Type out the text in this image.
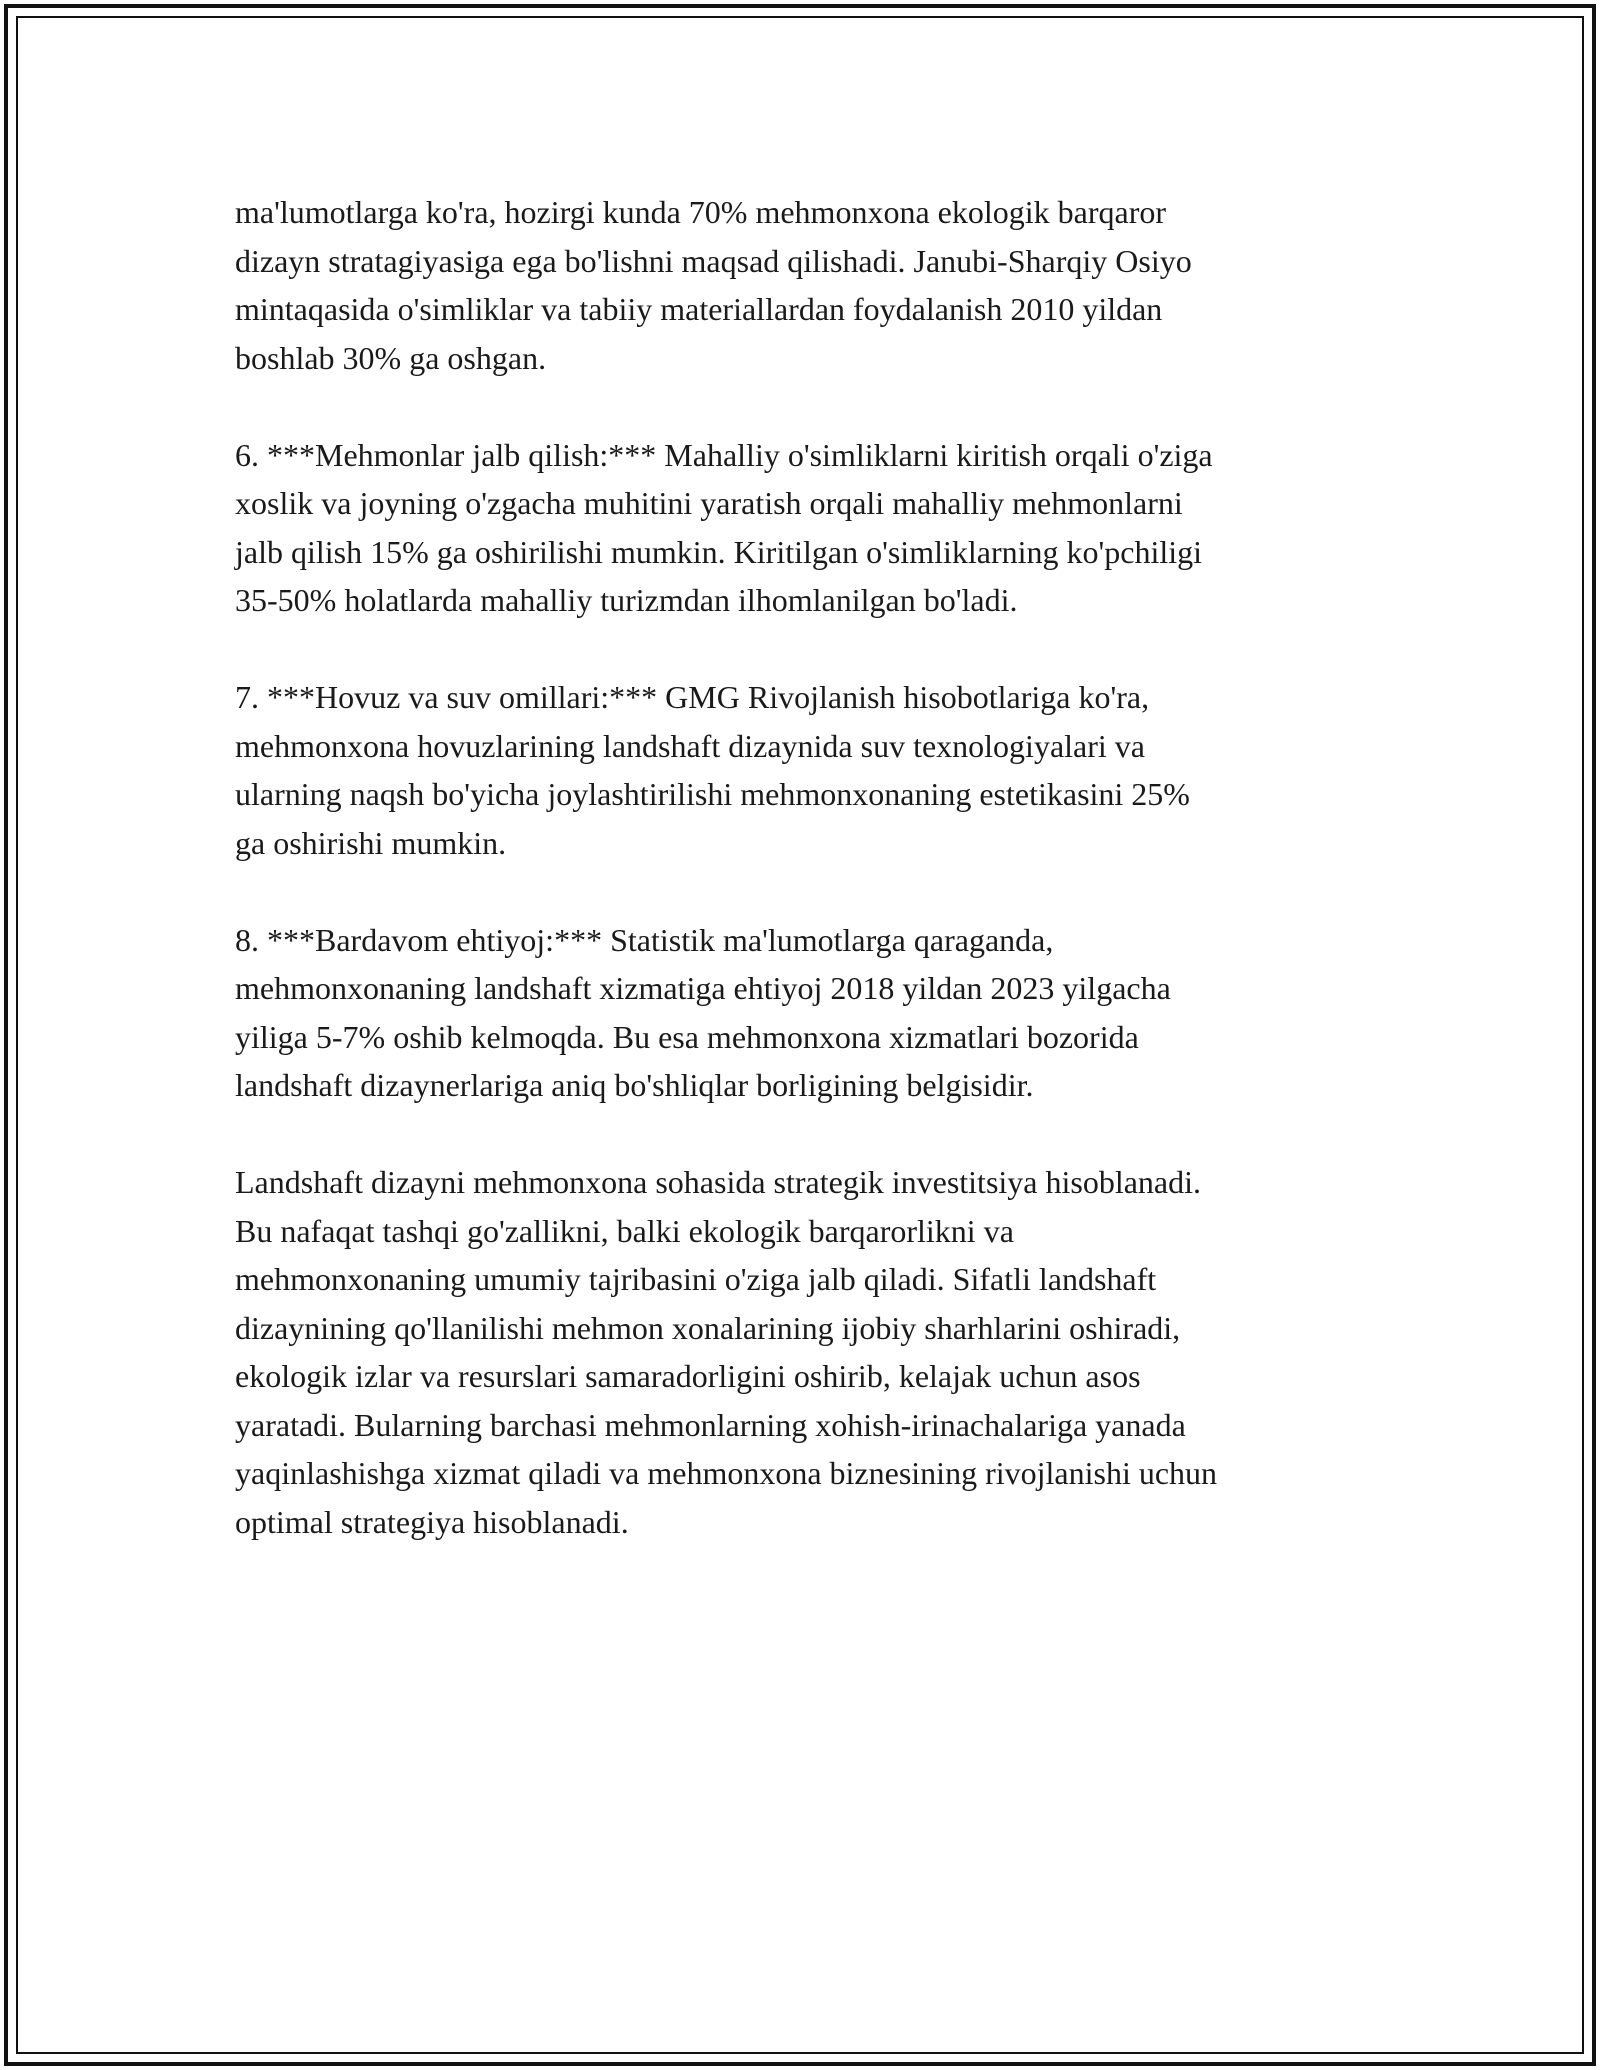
ma'lumotlarga ko'ra, hozirgi kunda 70% mehmonxona ekologik barqaror
dizayn stratagiyasiga ega bo'lishni maqsad qilishadi. Janubi-Sharqiy Osiyo
mintaqasida o'simliklar va tabiiy materiallardan foydalanish 2010 yildan
boshlab 30% ga oshgan.

6. ***Mehmonlar jalb qilish:*** Mahalliy o'simliklarni kiritish orqali o'ziga
xoslik va joyning o'zgacha muhitini yaratish orqali mahalliy mehmonlarni
jalb qilish 15% ga oshirilishi mumkin. Kiritilgan o'simliklarning ko'pchiligi
35-50% holatlarda mahalliy turizmdan ilhomlanilgan bo'ladi.

7. ***Hovuz va suv omillari:*** GMG Rivojlanish hisobotlariga ko'ra,
mehmonxona hovuzlarining landshaft dizaynida suv texnologiyalari va
ularning naqsh bo'yicha joylashtirilishi mehmonxonaning estetikasini 25%
ga oshirishi mumkin.

8. ***Bardavom ehtiyoj:*** Statistik ma'lumotlarga qaraganda,
mehmonxonaning landshaft xizmatiga ehtiyoj 2018 yildan 2023 yilgacha
yiliga 5-7% oshib kelmoqda. Bu esa mehmonxona xizmatlari bozorida
landshaft dizaynerlariga aniq bo'shliqlar borligining belgisidir.

Landshaft dizayni mehmonxona sohasida strategik investitsiya hisoblanadi.
Bu nafaqat tashqi go'zallikni, balki ekologik barqarorlikni va
mehmonxonaning umumiy tajribasini o'ziga jalb qiladi. Sifatli landshaft
dizaynining qo'llanilishi mehmon xonalarining ijobiy sharhlarini oshiradi,
ekologik izlar va resurslari samaradorligini oshirib, kelajak uchun asos
yaratadi. Bularning barchasi mehmonlarning xohish-irinachalariga yanada
yaqinlashishga xizmat qiladi va mehmonxona biznesining rivojlanishi uchun
optimal strategiya hisoblanadi.
